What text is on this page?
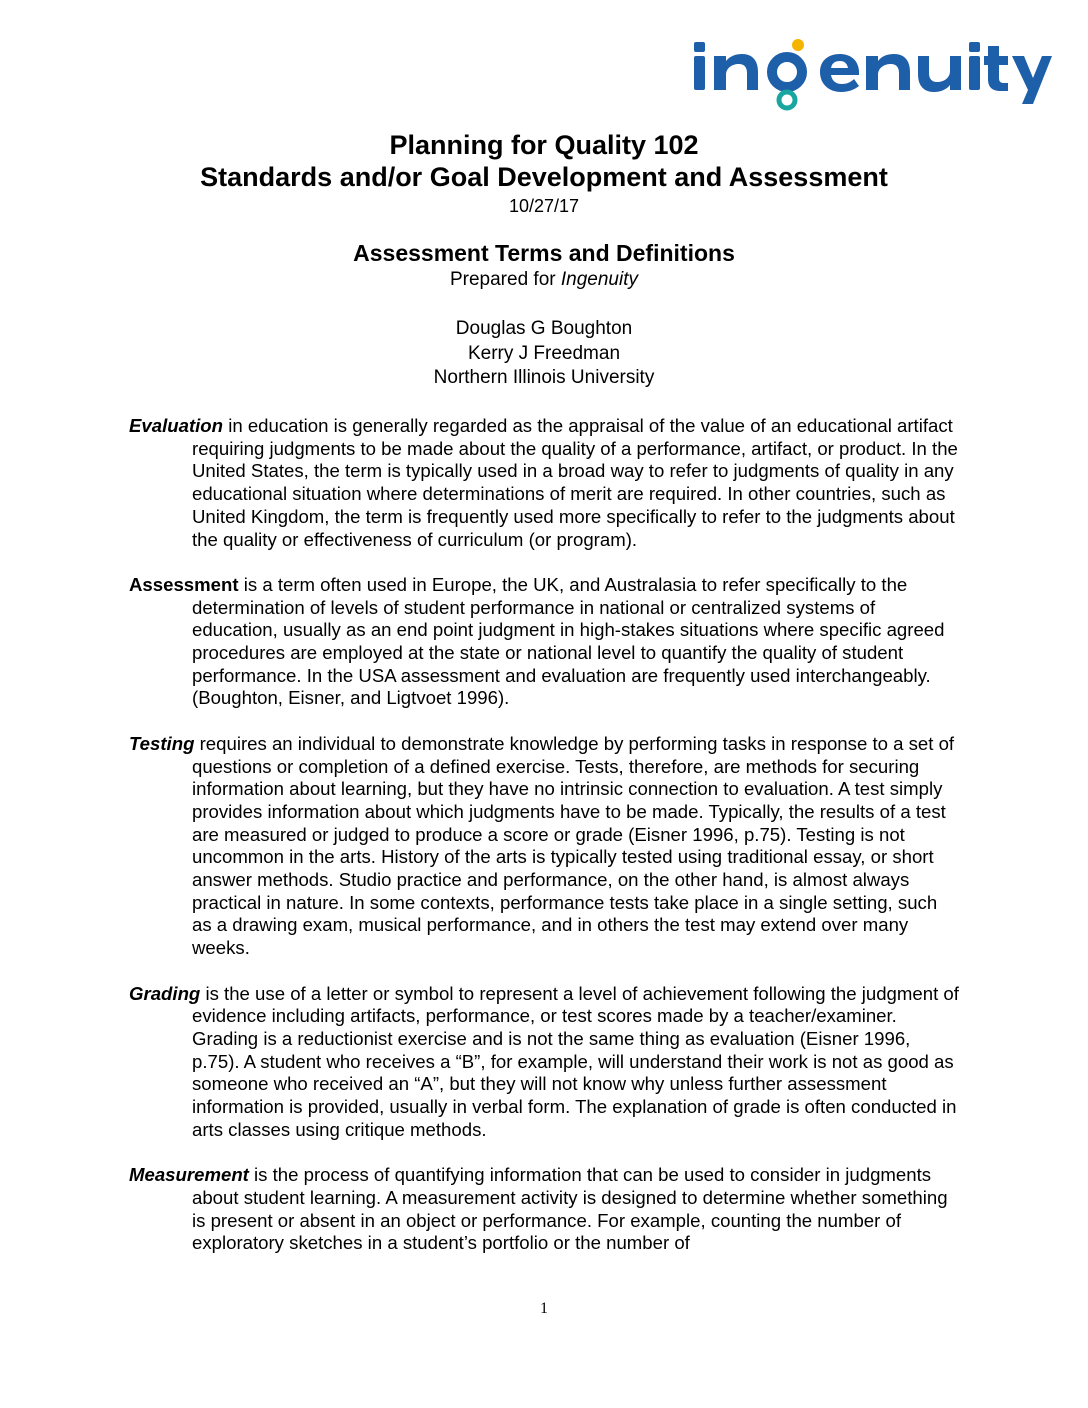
Planning for Quality 102
Standards and/or Goal Development and Assessment
10/27/17
Assessment Terms and Definitions
Prepared for Ingenuity
Douglas G Boughton
Kerry J Freedman
Northern Illinois University

Evaluation in education is generally regarded as the appraisal of the value of an educational artifact requiring judgments to be made about the quality of a performance, artifact, or product. In the United States, the term is typically used in a broad way to refer to judgments of quality in any educational situation where determinations of merit are required. In other countries, such as United Kingdom, the term is frequently used more specifically to refer to the judgments about the quality or effectiveness of curriculum (or program).

Assessment is a term often used in Europe, the UK, and Australasia to refer specifically to the determination of levels of student performance in national or centralized systems of education, usually as an end point judgment in high-stakes situations where specific agreed procedures are employed at the state or national level to quantify the quality of student performance. In the USA assessment and evaluation are frequently used interchangeably. (Boughton, Eisner, and Ligtvoet 1996).

Testing requires an individual to demonstrate knowledge by performing tasks in response to a set of questions or completion of a defined exercise. Tests, therefore, are methods for securing information about learning, but they have no intrinsic connection to evaluation. A test simply provides information about which judgments have to be made. Typically, the results of a test are measured or judged to produce a score or grade (Eisner 1996, p.75). Testing is not uncommon in the arts. History of the arts is typically tested using traditional essay, or short answer methods. Studio practice and performance, on the other hand, is almost always practical in nature. In some contexts, performance tests take place in a single setting, such as a drawing exam, musical performance, and in others the test may extend over many weeks.

Grading is the use of a letter or symbol to represent a level of achievement following the judgment of evidence including artifacts, performance, or test scores made by a teacher/examiner. Grading is a reductionist exercise and is not the same thing as evaluation (Eisner 1996, p.75). A student who receives a “B”, for example, will understand their work is not as good as someone who received an “A”, but they will not know why unless further assessment information is provided, usually in verbal form. The explanation of grade is often conducted in arts classes using critique methods.

Measurement is the process of quantifying information that can be used to consider in judgments about student learning. A measurement activity is designed to determine whether something is present or absent in an object or performance. For example, counting the number of exploratory sketches in a student’s portfolio or the number of

1
